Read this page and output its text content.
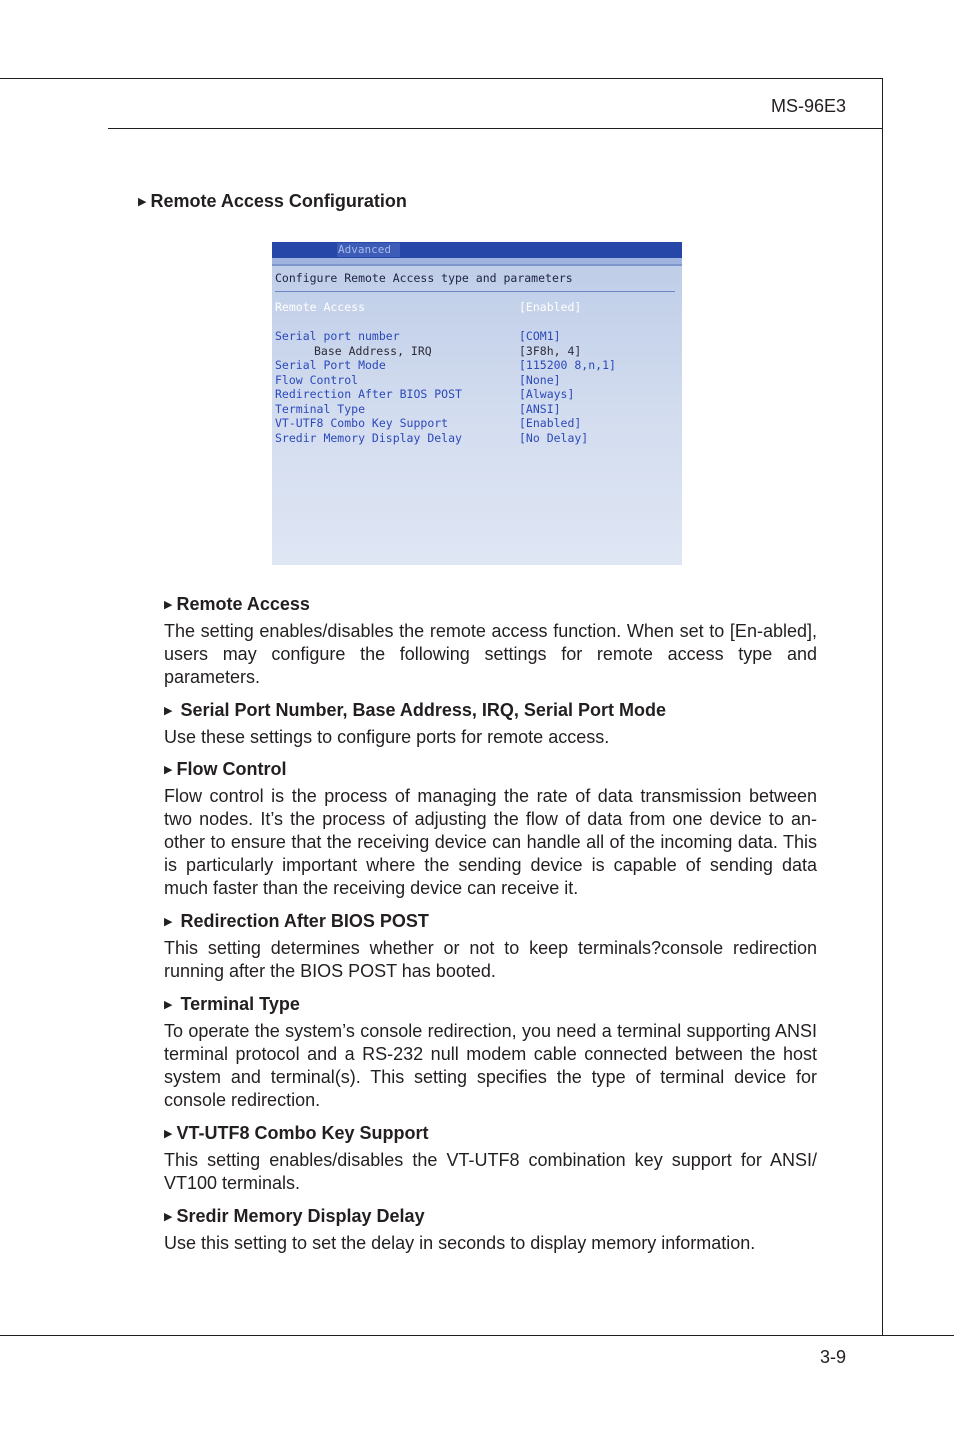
MS-96E3
▶ Remote Access Configuration
Advanced
Configure Remote Access type and parameters
Remote Access	[Enabled]
Serial port number	[COM1]
Base Address, IRQ	[3F8h, 4]
Serial Port Mode	[115200 8,n,1]
Flow Control	[None]
Redirection After BIOS POST	[Always]
Terminal Type	[ANSI]
VT-UTF8 Combo Key Support	[Enabled]
Sredir Memory Display Delay	[No Delay]
▶ Remote Access

The setting enables/disables the remote access function. When set to [En-abled], users may configure the following settings for remote access type and parameters.

▶ Serial Port Number, Base Address, IRQ, Serial Port Mode

Use these settings to configure ports for remote access.

▶ Flow Control

Flow control is the process of managing the rate of data transmission between two nodes. It’s the process of adjusting the flow of data from one device to an-other to ensure that the receiving device can handle all of the incoming data. This is particularly important where the sending device is capable of sending data much faster than the receiving device can receive it.

▶ Redirection After BIOS POST

This setting determines whether or not to keep terminals?console redirection running after the BIOS POST has booted.

▶ Terminal Type

To operate the system’s console redirection, you need a terminal supporting ANSI terminal protocol and a RS-232 null modem cable connected between the host system and terminal(s). This setting specifies the type of terminal device for console redirection.

▶ VT-UTF8 Combo Key Support

This setting enables/disables the VT-UTF8 combination key support for ANSI/ VT100 terminals.

▶ Sredir Memory Display Delay

Use this setting to set the delay in seconds to display memory information.

3-9
